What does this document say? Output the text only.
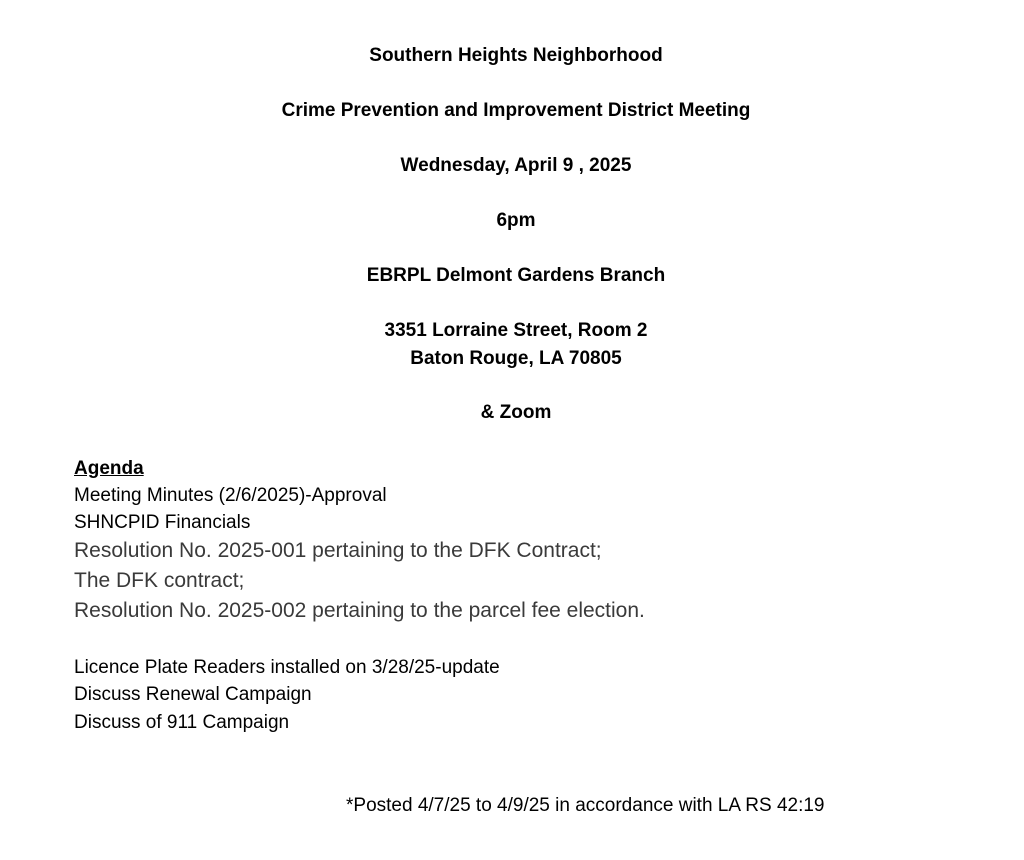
Southern Heights Neighborhood
Crime Prevention and Improvement District Meeting
Wednesday, April 9 , 2025
6pm
EBRPL Delmont Gardens Branch
3351 Lorraine Street, Room 2
Baton Rouge, LA 70805
& Zoom
Agenda
Meeting Minutes (2/6/2025)-Approval
SHNCPID Financials
Resolution No. 2025-001 pertaining to the DFK Contract;
The DFK contract;
Resolution No. 2025-002 pertaining to the parcel fee election.
Licence Plate Readers installed on 3/28/25-update
Discuss Renewal Campaign
Discuss of 911 Campaign
*Posted 4/7/25 to 4/9/25 in accordance with LA RS 42:19
